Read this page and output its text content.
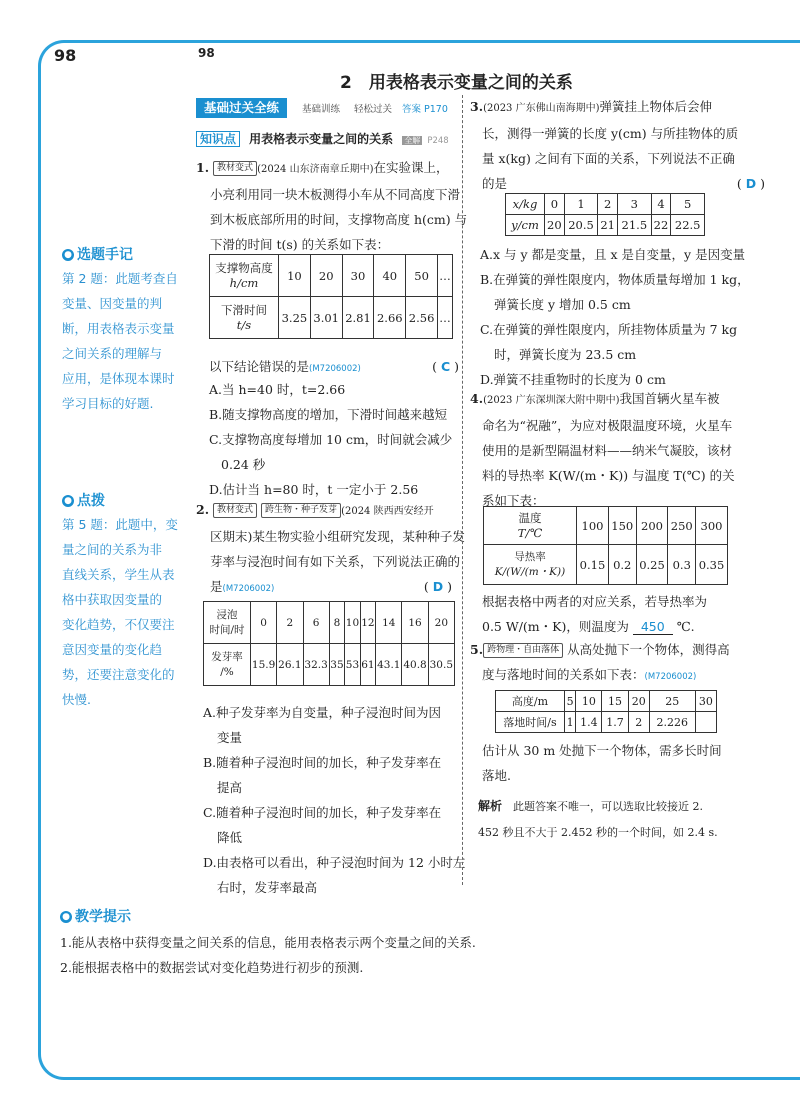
98	98
2　用表格表示变量之间的关系
基础过关全练	基础训练 轻松过关 答案 P170
知识点 用表格表示变量之间的关系 全解 P248
1. 教材变式 (2024 山东济南章丘期中)在实验课上，
小亮利用同一块木板测得小车从不同高度下滑
到木板底部所用的时间，支撑物高度 h(cm) 与
下滑的时间 t(s) 的关系如下表：
支撑物高度
h/cm	10	20	30	40	50	…
下滑时间
t/s	3.25	3.01	2.81	2.66	2.56	…
以下结论错误的是(M7206002)	( C )
A.当 h=40 时，t=2.66
B.随支撑物高度的增加，下滑时间越来越短
C.支撑物高度每增加 10 cm，时间就会减少
0.24 秒
D.估计当 h=80 时，t 一定小于 2.56
2. 教材变式 跨生物・种子发芽 (2024 陕西西安经开
区期末)某生物实验小组研究发现，某种种子发
芽率与浸泡时间有如下关系，下列说法正确的
是(M7206002)	( D )
浸泡
时间/时	0	2	6	8	10	12	14	16	20
发芽率
/%	15.9	26.1	32.3	35	53	61	43.1	40.8	30.5
A.种子发芽率为自变量，种子浸泡时间为因
变量
B.随着种子浸泡时间的加长，种子发芽率在
提高
C.随着种子浸泡时间的加长，种子发芽率在
降低
D.由表格可以看出，种子浸泡时间为 12 小时左
右时，发芽率最高
3.(2023 广东佛山南海期中)弹簧挂上物体后会伸
长，测得一弹簧的长度 y(cm) 与所挂物体的质
量 x(kg) 之间有下面的关系，下列说法不正确
的是	( D )
x/kg	0	1	2	3	4	5
y/cm	20	20.5	21	21.5	22	22.5
A.x 与 y 都是变量，且 x 是自变量，y 是因变量
B.在弹簧的弹性限度内，物体质量每增加 1 kg，
弹簧长度 y 增加 0.5 cm
C.在弹簧的弹性限度内，所挂物体质量为 7 kg
时，弹簧长度为 23.5 cm
D.弹簧不挂重物时的长度为 0 cm
4.(2023 广东深圳深大附中期中)我国首辆火星车被
命名为“祝融”，为应对极限温度环境，火星车
使用的是新型隔温材料——纳米气凝胶，该材
料的导热率 K(W/(m・K)) 与温度 T(℃) 的关
系如下表：
温度
T/℃	100	150	200	250	300
导热率
K/(W/(m・K))	0.15	0.2	0.25	0.3	0.35
根据表格中两者的对应关系，若导热率为
0.5 W/(m・K)，则温度为 450 ℃.
5. 跨物理・自由落体 从高处抛下一个物体，测得高
度与落地时间的关系如下表：(M7206002)
高度/m	5	10	15	20	25	30
落地时间/s	1	1.4	1.7	2	2.226	
估计从 30 m 处抛下一个物体，需多长时间
落地.
解析　 此题答案不唯一，可以选取比较接近 2.
452 秒且不大于 2.452 秒的一个时间，如 2.4 s.
● 选题手记
第 2 题：此题考查自
变量、因变量的判
断，用表格表示变量
之间关系的理解与
应用，是体现本课时
学习目标的好题.
● 点拨
第 5 题：此题中，变
量之间的关系为非
直线关系，学生从表
格中获取因变量的
变化趋势，不仅要注
意因变量的变化趋
势，还要注意变化的
快慢.
● 教学提示
1.能从表格中获得变量之间关系的信息，能用表格表示两个变量之间的关系.
2.能根据表格中的数据尝试对变化趋势进行初步的预测.
